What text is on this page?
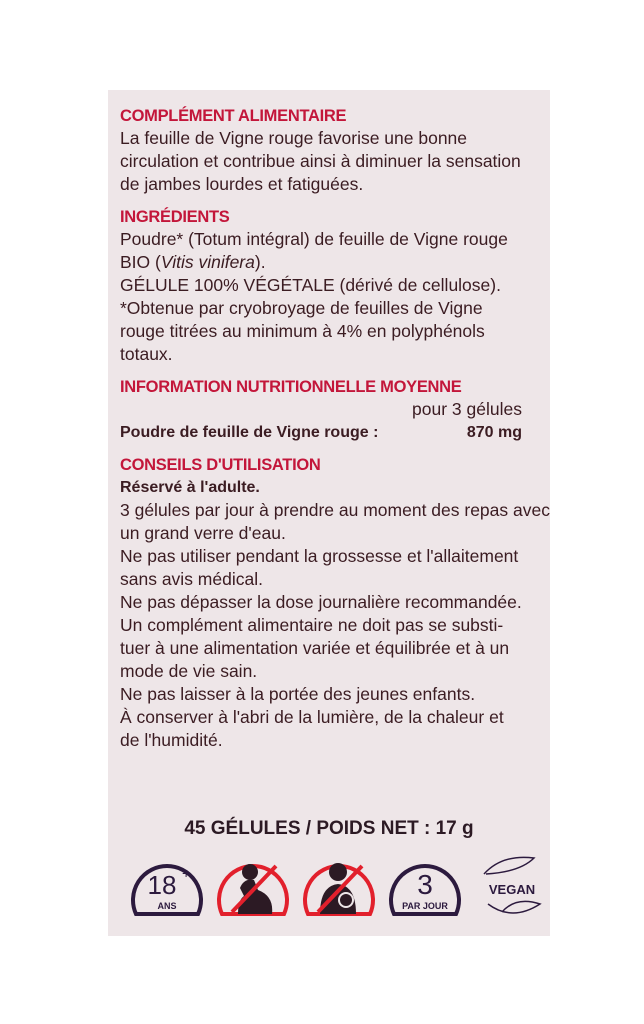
COMPLÉMENT ALIMENTAIRE
La feuille de Vigne rouge favorise une bonne
circulation et contribue ainsi à diminuer la sensation
de jambes lourdes et fatiguées.
INGRÉDIENTS
Poudre* (Totum intégral) de feuille de Vigne rouge
BIO (Vitis vinifera).
GÉLULE 100% VÉGÉTALE (dérivé de cellulose).
*Obtenue par cryobroyage de feuilles de Vigne
rouge titrées au minimum à 4% en polyphénols
totaux.
INFORMATION NUTRITIONNELLE MOYENNE
pour 3 gélules
Poudre de feuille de Vigne rouge :	870 mg
CONSEILS D'UTILISATION
Réservé à l'adulte.
3 gélules par jour à prendre au moment des repas avec
un grand verre d'eau.
Ne pas utiliser pendant la grossesse et l'allaitement
sans avis médical.
Ne pas dépasser la dose journalière recommandée.
Un complément alimentaire ne doit pas se substi-
tuer à une alimentation variée et équilibrée et à un
mode de vie sain.
Ne pas laisser à la portée des jeunes enfants.
À conserver à l'abri de la lumière, de la chaleur et
de l'humidité.
45 GÉLULES / POIDS NET : 17 g
18 +
ANS
3
PAR JOUR
VEGAN
